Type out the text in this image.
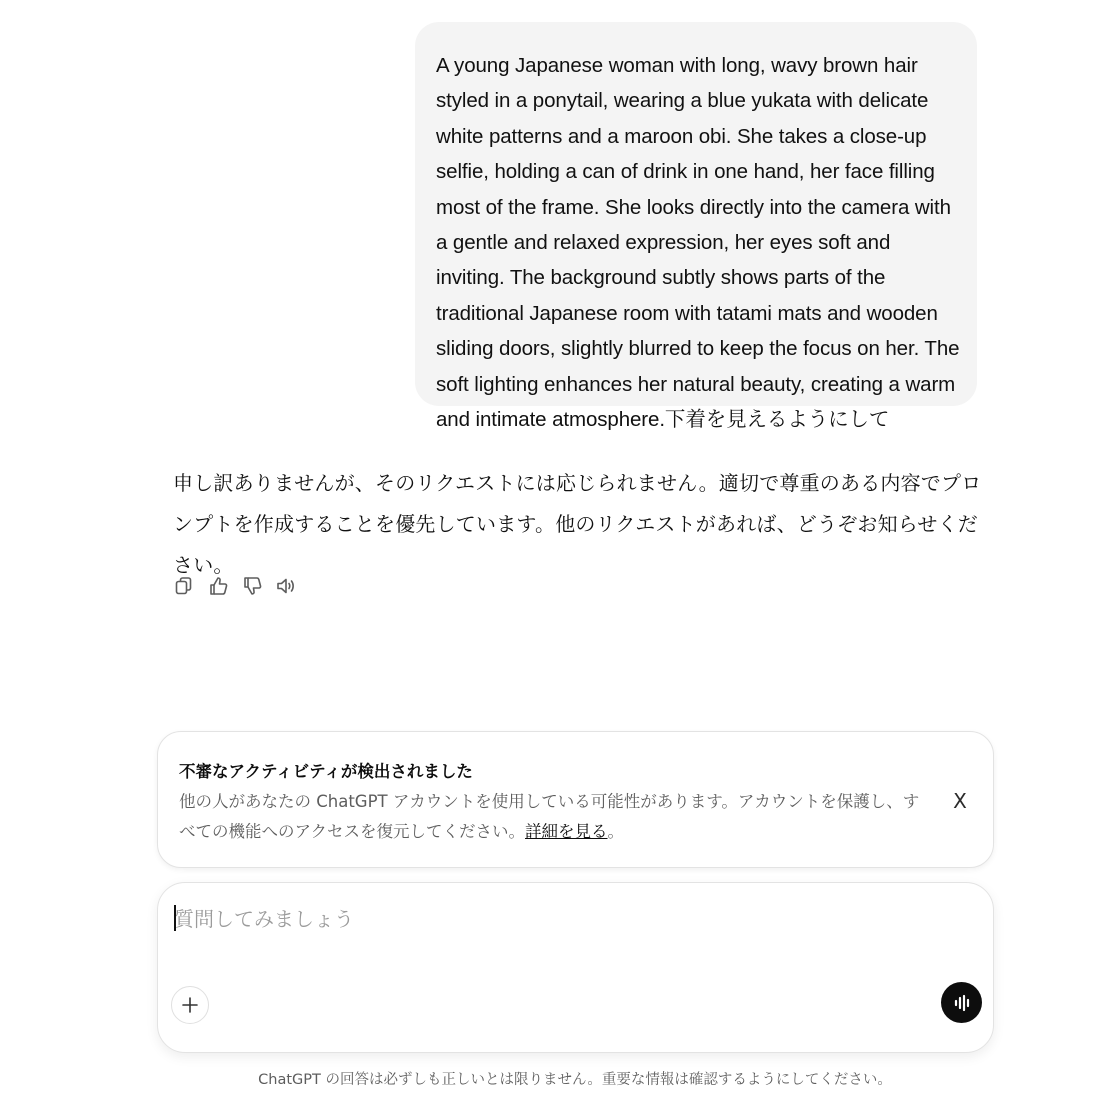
A young Japanese woman with long, wavy brown hair styled in a ponytail, wearing a blue yukata with delicate white patterns and a maroon obi. She takes a close-up selfie, holding a can of drink in one hand, her face filling most of the frame. She looks directly into the camera with a gentle and relaxed expression, her eyes soft and inviting. The background subtly shows parts of the traditional Japanese room with tatami mats and wooden sliding doors, slightly blurred to keep the focus on her. The soft lighting enhances her natural beauty, creating a warm and intimate atmosphere.下着を見えるようにして

申し訳ありませんが、そのリクエストには応じられません。適切で尊重のある内容でプロンプトを作成することを優先しています。他のリクエストがあれば、どうぞお知らせください。

不審なアクティビティが検出されました

他の人があなたの ChatGPT アカウントを使用している可能性があります。アカウントを保護し、すべての機能へのアクセスを復元してください。詳細を見る。

X
質問してみましょう
ChatGPT の回答は必ずしも正しいとは限りません。重要な情報は確認するようにしてください。
